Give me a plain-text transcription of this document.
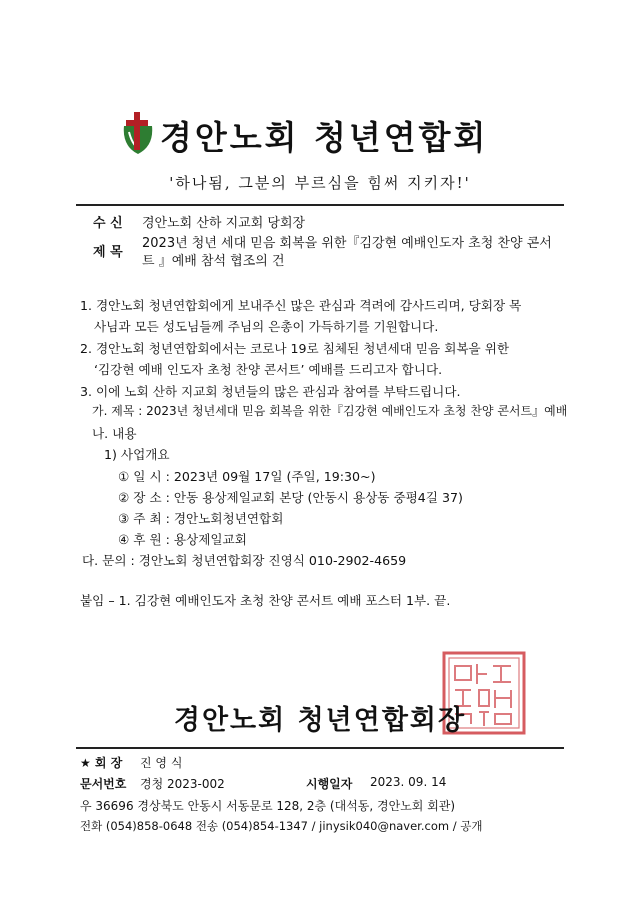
경안노회 청년연합회
'하나됨, 그분의 부르심을 힘써 지키자!'
수 신 경안노회 산하 지교회 당회장
제 목
2023년 청년 세대 믿음 회복을 위한『김강현 예배인도자 초청 찬양 콘서
트 』예배 참석 협조의 건
1. 경안노회 청년연합회에게 보내주신 많은 관심과 격려에 감사드리며, 당회장 목
사님과 모든 성도님들께 주님의 은총이 가득하기를 기원합니다.
2. 경안노회 청년연합회에서는 코로나 19로 침체된 청년세대 믿음 회복을 위한
‘김강현 예배 인도자 초청 찬양 콘서트’ 예배를 드리고자 합니다.
3. 이에 노회 산하 지교회 청년들의 많은 관심과 참여를 부탁드립니다.
가. 제목 : 2023년 청년세대 믿음 회복을 위한『김강현 예배인도자 초청 찬양 콘서트』예배
나. 내용
1) 사업개요
① 일 시 : 2023년 09월 17일 (주일, 19:30~)
② 장 소 : 안동 용상제일교회 본당 (안동시 용상동 중평4길 37)
③ 주 최 : 경안노회청년연합회
④ 후 원 : 용상제일교회
다. 문의 : 경안노회 청년연합회장 진영식 010-2902-4659
붙임 – 1. 김강현 예배인도자 초청 찬양 콘서트 예배 포스터 1부. 끝.
경안노회 청년연합회장
★ 회 장 진 영 식
문서번호 경청 2023-002	시행일자 2023. 09. 14
우 36696 경상북도 안동시 서동문로 128, 2층 (대석동, 경안노회 회관)
전화 (054)858-0648 전송 (054)854-1347 / jinysik040@naver.com / 공개
